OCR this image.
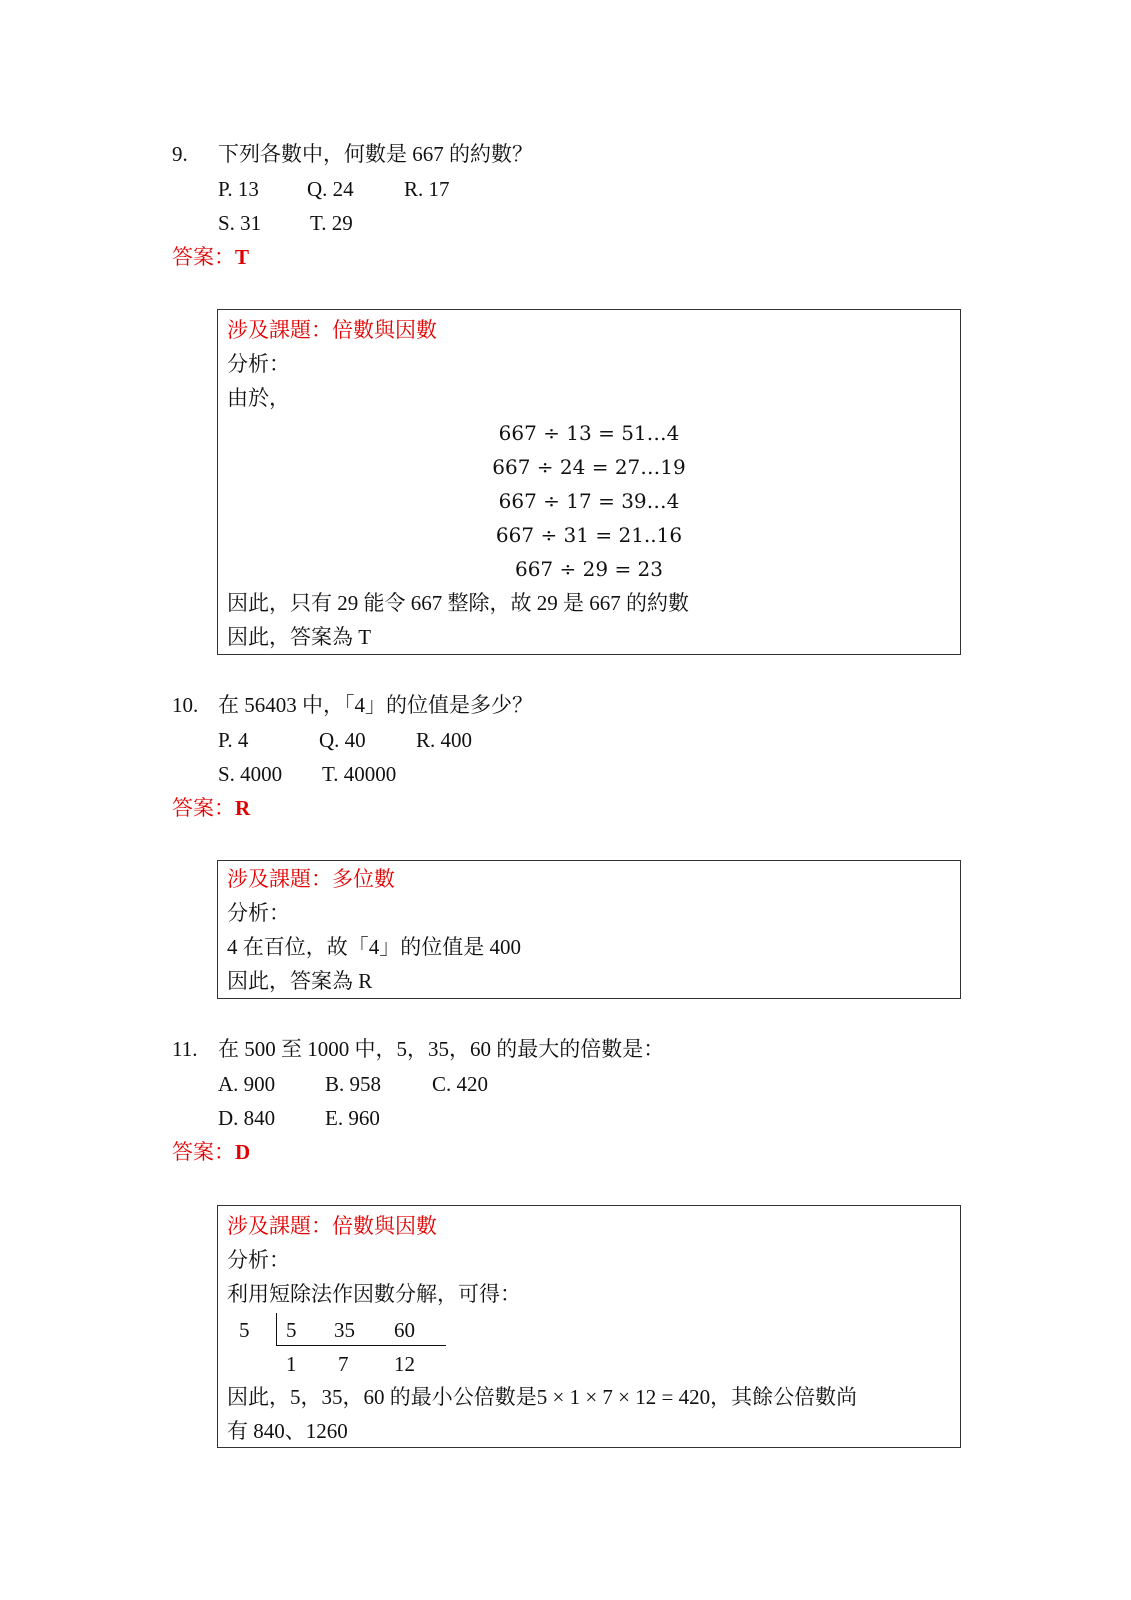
9. 下列各數中，何數是 667 的約數？
P. 13 Q. 24 R. 17
S. 31 T. 29
答案：T
涉及課題：倍數與因數
分析：
由於，
667 ÷ 13 = 51…4
667 ÷ 24 = 27…19
667 ÷ 17 = 39…4
667 ÷ 31 = 21..16
667 ÷ 29 = 23
因此，只有 29 能令 667 整除，故 29 是 667 的約數
因此，答案為 T
10. 在 56403 中，「4」的位值是多少？
P. 4	Q. 40 R. 400
S. 4000 T. 40000
答案：R
涉及課題：多位數
分析：
4 在百位，故「4」的位值是 400
因此，答案為 R
11. 在 500 至 1000 中，5，35，60 的最大的倍數是：
A. 900 B. 958 C. 420
D. 840 E. 960
答案：D
涉及課題：倍數與因數
分析：
利用短除法作因數分解，可得：
5 5 35 60
1 7 12
因此，5，35，60 的最小公倍數是5 × 1 × 7 × 12 = 420，其餘公倍數尚
有 840、1260
